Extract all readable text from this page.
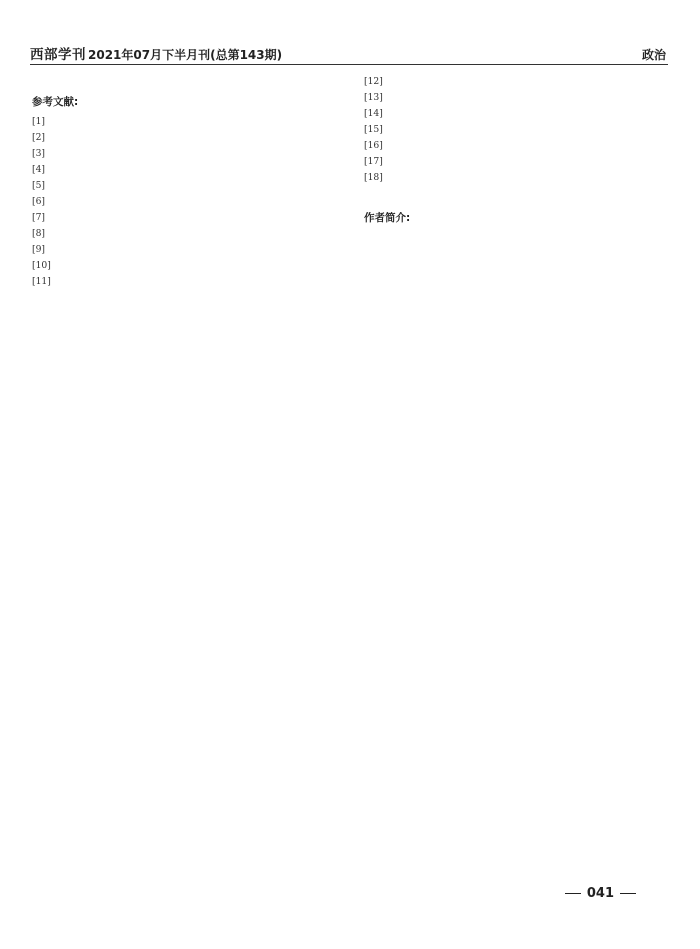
西部学刊 2021年07月下半月刊(总第143期)	政治
参考文献:
[1]
[2]
[3]
[4]
[5]
[6]
[7]
[8]
[9]
[10]
[11]
[12]
[13]
[14]
[15]
[16]
[17]
[18]
作者简介:
041
